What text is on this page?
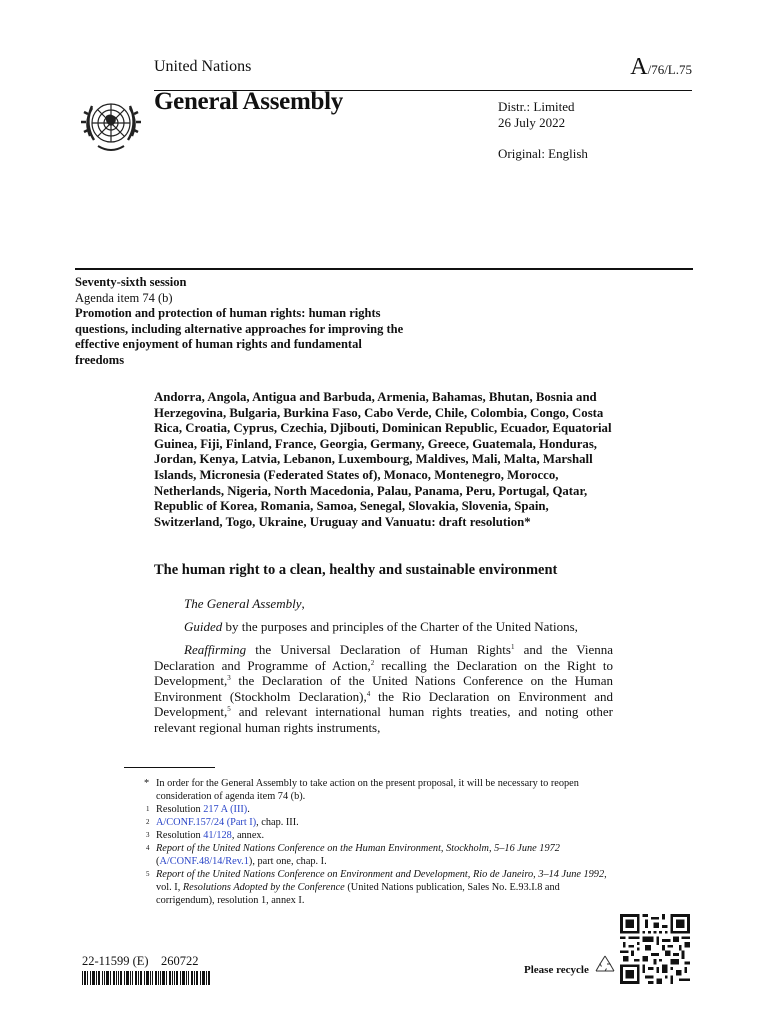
United Nations	A/76/L.75
General Assembly	Distr.: Limited
26 July 2022
Original: English
Seventy-sixth session
Agenda item 74 (b)
Promotion and protection of human rights: human rights questions, including alternative approaches for improving the effective enjoyment of human rights and fundamental freedoms
Andorra, Angola, Antigua and Barbuda, Armenia, Bahamas, Bhutan, Bosnia and Herzegovina, Bulgaria, Burkina Faso, Cabo Verde, Chile, Colombia, Congo, Costa Rica, Croatia, Cyprus, Czechia, Djibouti, Dominican Republic, Ecuador, Equatorial Guinea, Fiji, Finland, France, Georgia, Germany, Greece, Guatemala, Honduras, Jordan, Kenya, Latvia, Lebanon, Luxembourg, Maldives, Mali, Malta, Marshall Islands, Micronesia (Federated States of), Monaco, Montenegro, Morocco, Netherlands, Nigeria, North Macedonia, Palau, Panama, Peru, Portugal, Qatar, Republic of Korea, Romania, Samoa, Senegal, Slovakia, Slovenia, Spain, Switzerland, Togo, Ukraine, Uruguay and Vanuatu: draft resolution*
The human right to a clean, healthy and sustainable environment
The General Assembly,
Guided by the purposes and principles of the Charter of the United Nations,
Reaffirming the Universal Declaration of Human Rights$^1$ and the Vienna Declaration and Programme of Action,$^2$ recalling the Declaration on the Right to Development,$^3$ the Declaration of the United Nations Conference on the Human Environment (Stockholm Declaration),$^4$ the Rio Declaration on Environment and Development,$^5$ and relevant international human rights treaties, and noting other relevant regional human rights instruments,
* In order for the General Assembly to take action on the present proposal, it will be necessary to reopen consideration of agenda item 74 (b).
1 Resolution 217 A (III).
2 A/CONF.157/24 (Part I), chap. III.
3 Resolution 41/128, annex.
4 Report of the United Nations Conference on the Human Environment, Stockholm, 5–16 June 1972 (A/CONF.48/14/Rev.1), part one, chap. I.
5 Report of the United Nations Conference on Environment and Development, Rio de Janeiro, 3–14 June 1992, vol. I, Resolutions Adopted by the Conference (United Nations publication, Sales No. E.93.I.8 and corrigendum), resolution 1, annex I.
22-11599 (E)    260722
Please recycle
